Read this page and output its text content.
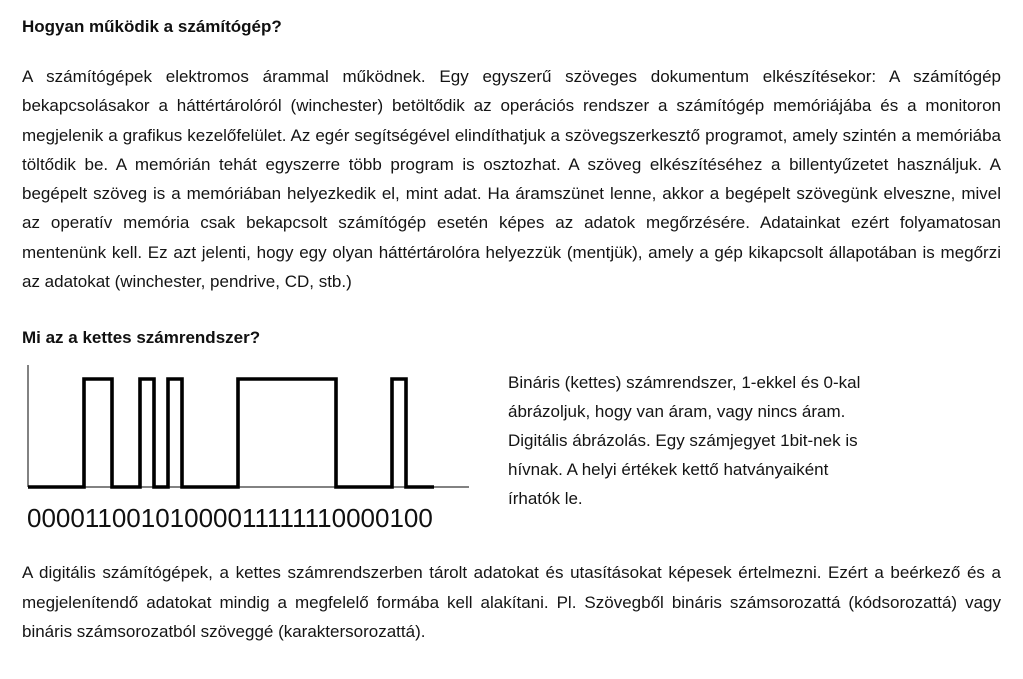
Hogyan működik a számítógép?

A számítógépek elektromos árammal működnek. Egy egyszerű szöveges dokumentum elkészítésekor: A számítógép bekapcsolásakor a háttértárolóról (winchester) betöltődik az operációs rendszer a számítógép memóriájába és a monitoron megjelenik a grafikus kezelőfelület. Az egér segítségével elindíthatjuk a szövegszerkesztő programot, amely szintén a memóriába töltődik be. A memórián tehát egyszerre több program is osztozhat. A szöveg elkészítéséhez a billentyűzetet használjuk. A begépelt szöveg is a memóriában helyezkedik el, mint adat. Ha áramszünet lenne, akkor a begépelt szövegünk elveszne, mivel az operatív memória csak bekapcsolt számítógép esetén képes az adatok megőrzésére. Adatainkat ezért folyamatosan mentenünk kell. Ez azt jelenti, hogy egy olyan háttértárolóra helyezzük (mentjük), amely a gép kikapcsolt állapotában is megőrzi az adatokat (winchester, pendrive, CD, stb.)

Mi az a kettes számrendszer?
00001100101000011111110000100
Bináris (kettes) számrendszer, 1-ekkel és 0-kal
ábrázoljuk, hogy van áram, vagy nincs áram.
Digitális ábrázolás. Egy számjegyet 1bit-nek is
hívnak. A helyi értékek kettő hatványaiként
írhatók le.

A digitális számítógépek, a kettes számrendszerben tárolt adatokat és utasításokat képesek értelmezni. Ezért a beérkező és a megjelenítendő adatokat mindig a megfelelő formába kell alakítani. Pl. Szövegből bináris számsorozattá (kódsorozattá) vagy bináris számsorozatból szöveggé (karaktersorozattá).
